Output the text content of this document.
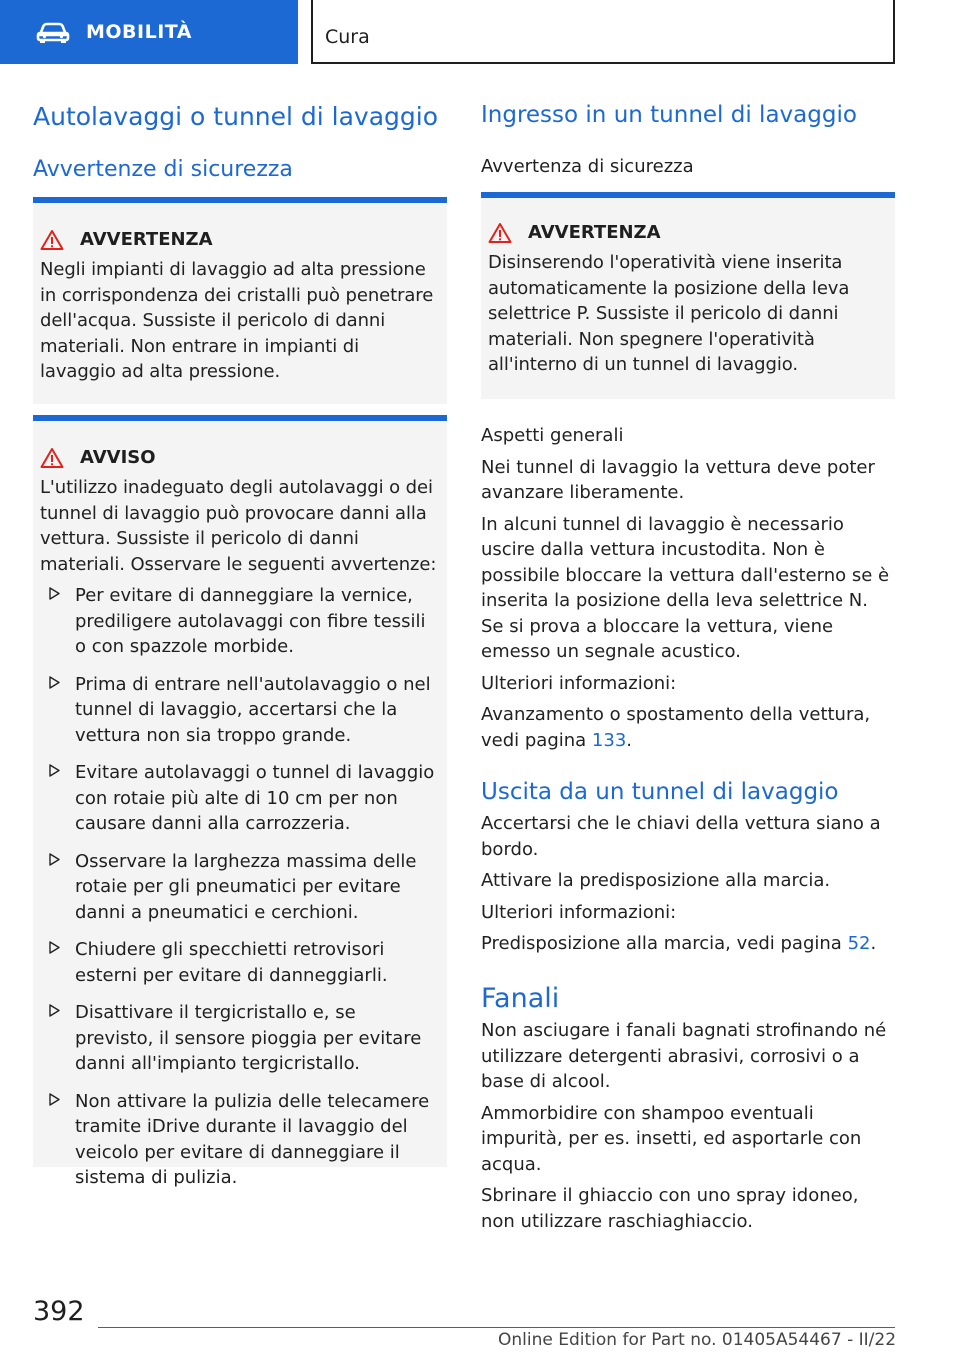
MOBILITÀ	Cura
Autolavaggi o tunnel di lavaggio
Avvertenze di sicurezza
AVVERTENZA

Negli impianti di lavaggio ad alta pressione in corrispondenza dei cristalli può penetrare dell'acqua. Sussiste il pericolo di danni materiali. Non entrare in impianti di lavaggio ad alta pressione.

AVVISO

L'utilizzo inadeguato degli autolavaggi o dei tunnel di lavaggio può provocare danni alla vettura. Sussiste il pericolo di danni materiali. Osservare le seguenti avvertenze:

Per evitare di danneggiare la vernice, prediligere autolavaggi con fibre tessili o con spazzole morbide.
Prima di entrare nell'autolavaggio o nel tunnel di lavaggio, accertarsi che la vettura non sia troppo grande.
Evitare autolavaggi o tunnel di lavaggio con rotaie più alte di 10 cm per non causare danni alla carrozzeria.
Osservare la larghezza massima delle rotaie per gli pneumatici per evitare danni a pneumatici e cerchioni.
Chiudere gli specchietti retrovisori esterni per evitare di danneggiarli.
Disattivare il tergicristallo e, se previsto, il sensore pioggia per evitare danni all'impianto tergicristallo.
Non attivare la pulizia delle telecamere tramite iDrive durante il lavaggio del veicolo per evitare di danneggiare il sistema di pulizia.
Ingresso in un tunnel di lavaggio
Avvertenza di sicurezza
AVVERTENZA

Disinserendo l'operatività viene inserita automaticamente la posizione della leva selettrice P. Sussiste il pericolo di danni materiali. Non spegnere l'operatività all'interno di un tunnel di lavaggio.

Aspetti generali

Nei tunnel di lavaggio la vettura deve poter avanzare liberamente.

In alcuni tunnel di lavaggio è necessario uscire dalla vettura incustodita. Non è possibile bloccare la vettura dall'esterno se è inserita la posizione della leva selettrice N. Se si prova a bloccare la vettura, viene emesso un segnale acustico.

Ulteriori informazioni:

Avanzamento o spostamento della vettura, vedi pagina 133.

Uscita da un tunnel di lavaggio

Accertarsi che le chiavi della vettura siano a bordo.

Attivare la predisposizione alla marcia.

Ulteriori informazioni:

Predisposizione alla marcia, vedi pagina 52.

Fanali

Non asciugare i fanali bagnati strofinando né utilizzare detergenti abrasivi, corrosivi o a base di alcool.

Ammorbidire con shampoo eventuali impurità, per es. insetti, ed asportarle con acqua.

Sbrinare il ghiaccio con uno spray idoneo, non utilizzare raschiaghiaccio.

392
Online Edition for Part no. 01405A54467 - II/22
